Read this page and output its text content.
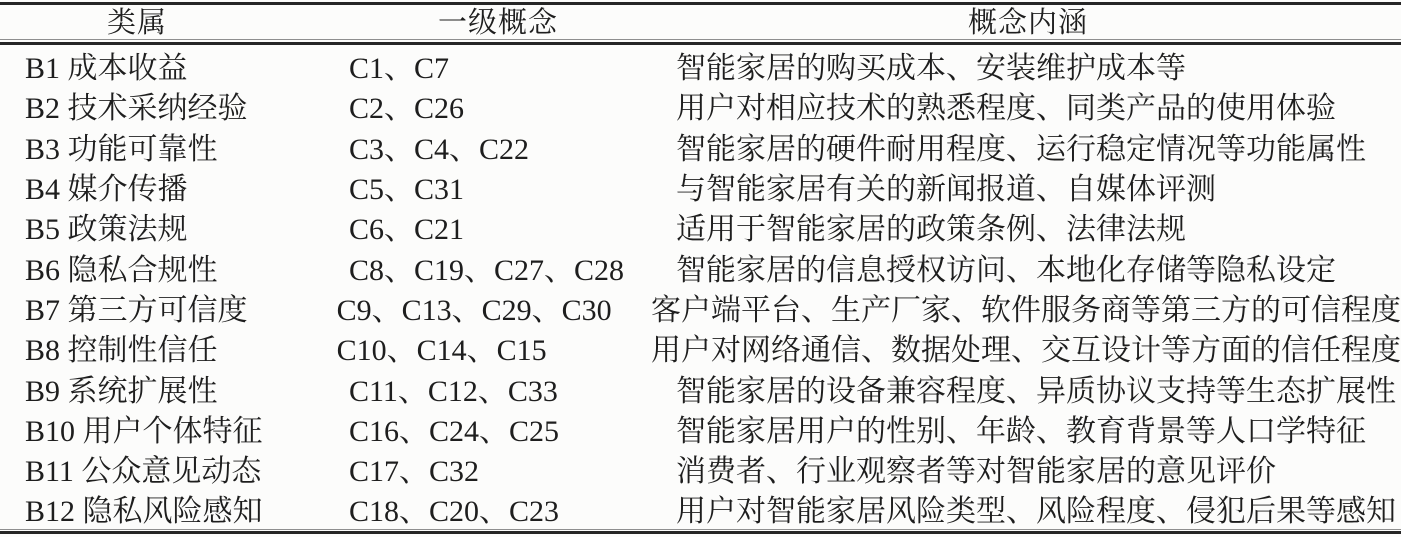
类属	一级概念	概念内涵
B1 成本收益	C1、C7	智能家居的购买成本、安装维护成本等
B2 技术采纳经验	C2、C26	用户对相应技术的熟悉程度、同类产品的使用体验
B3 功能可靠性	C3、C4、C22	智能家居的硬件耐用程度、运行稳定情况等功能属性
B4 媒介传播	C5、C31	与智能家居有关的新闻报道、自媒体评测
B5 政策法规	C6、C21	适用于智能家居的政策条例、法律法规
B6 隐私合规性	C8、C19、C27、C28	智能家居的信息授权访问、本地化存储等隐私设定
B7 第三方可信度	C9、C13、C29、C30	客户端平台、生产厂家、软件服务商等第三方的可信程度
B8 控制性信任	C10、C14、C15	用户对网络通信、数据处理、交互设计等方面的信任程度
B9 系统扩展性	C11、C12、C33	智能家居的设备兼容程度、异质协议支持等生态扩展性
B10 用户个体特征	C16、C24、C25	智能家居用户的性别、年龄、教育背景等人口学特征
B11 公众意见动态	C17、C32	消费者、行业观察者等对智能家居的意见评价
B12 隐私风险感知	C18、C20、C23	用户对智能家居风险类型、风险程度、侵犯后果等感知
